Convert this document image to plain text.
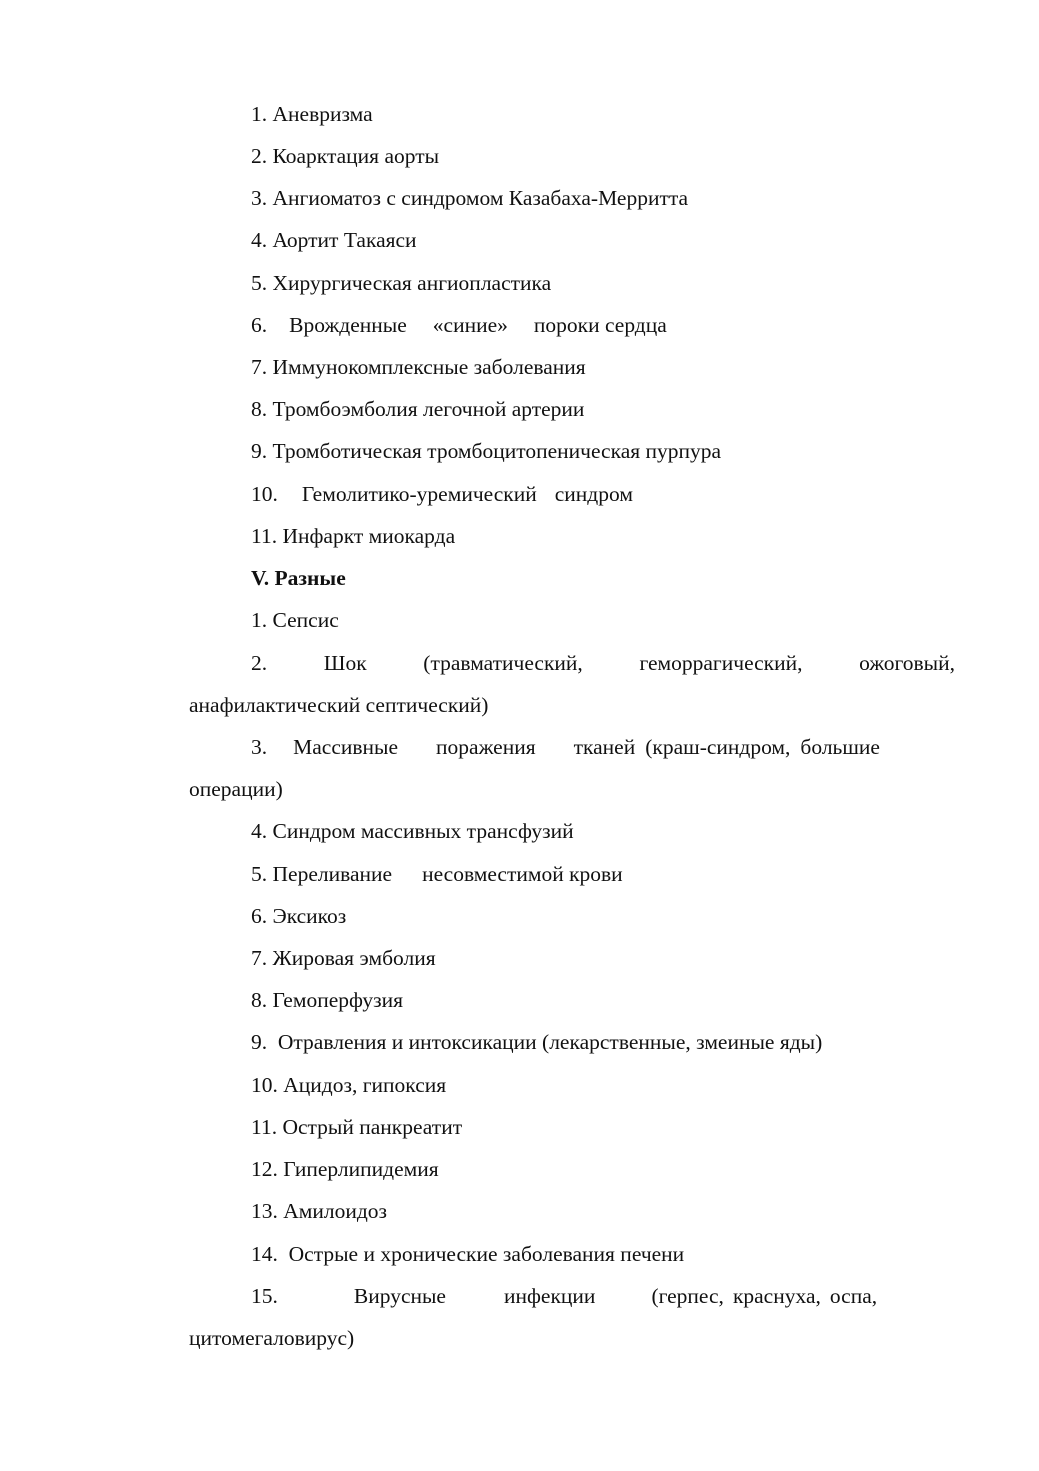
1. Аневризма
2. Коарктация аорты
3. Ангиоматоз с синдромом Казабаха-Мерритта
4. Аортит Такаяси
5. Хирургическая ангиопластика
6. Врожденные «синие» пороки сердца
7. Иммунокомплексные заболевания
8. Тромбоэмболия легочной артерии
9. Тромботическая тромбоцитопеническая пурпура
10. Гемолитико-уремический синдром
11. Инфаркт миокарда
V. Разные
1. Сепсис
2.	Шок	(травматический,	геморрагический,	ожоговый,
анафилактический септический)
3. Массивные поражения тканей (краш-синдром, большие
операции)
4. Синдром массивных трансфузий
5. Переливание несовместимой крови
6. Эксикоз
7. Жировая эмболия
8. Гемоперфузия
9.  Отравления и интоксикации (лекарственные, змеиные яды)
10. Ацидоз, гипоксия
11. Острый панкреатит
12. Гиперлипидемия
13. Амилоидоз
14.  Острые и хронические заболевания печени
15.	Вирусные	инфекции	(герпес, краснуха, оспа,
цитомегаловирус)
